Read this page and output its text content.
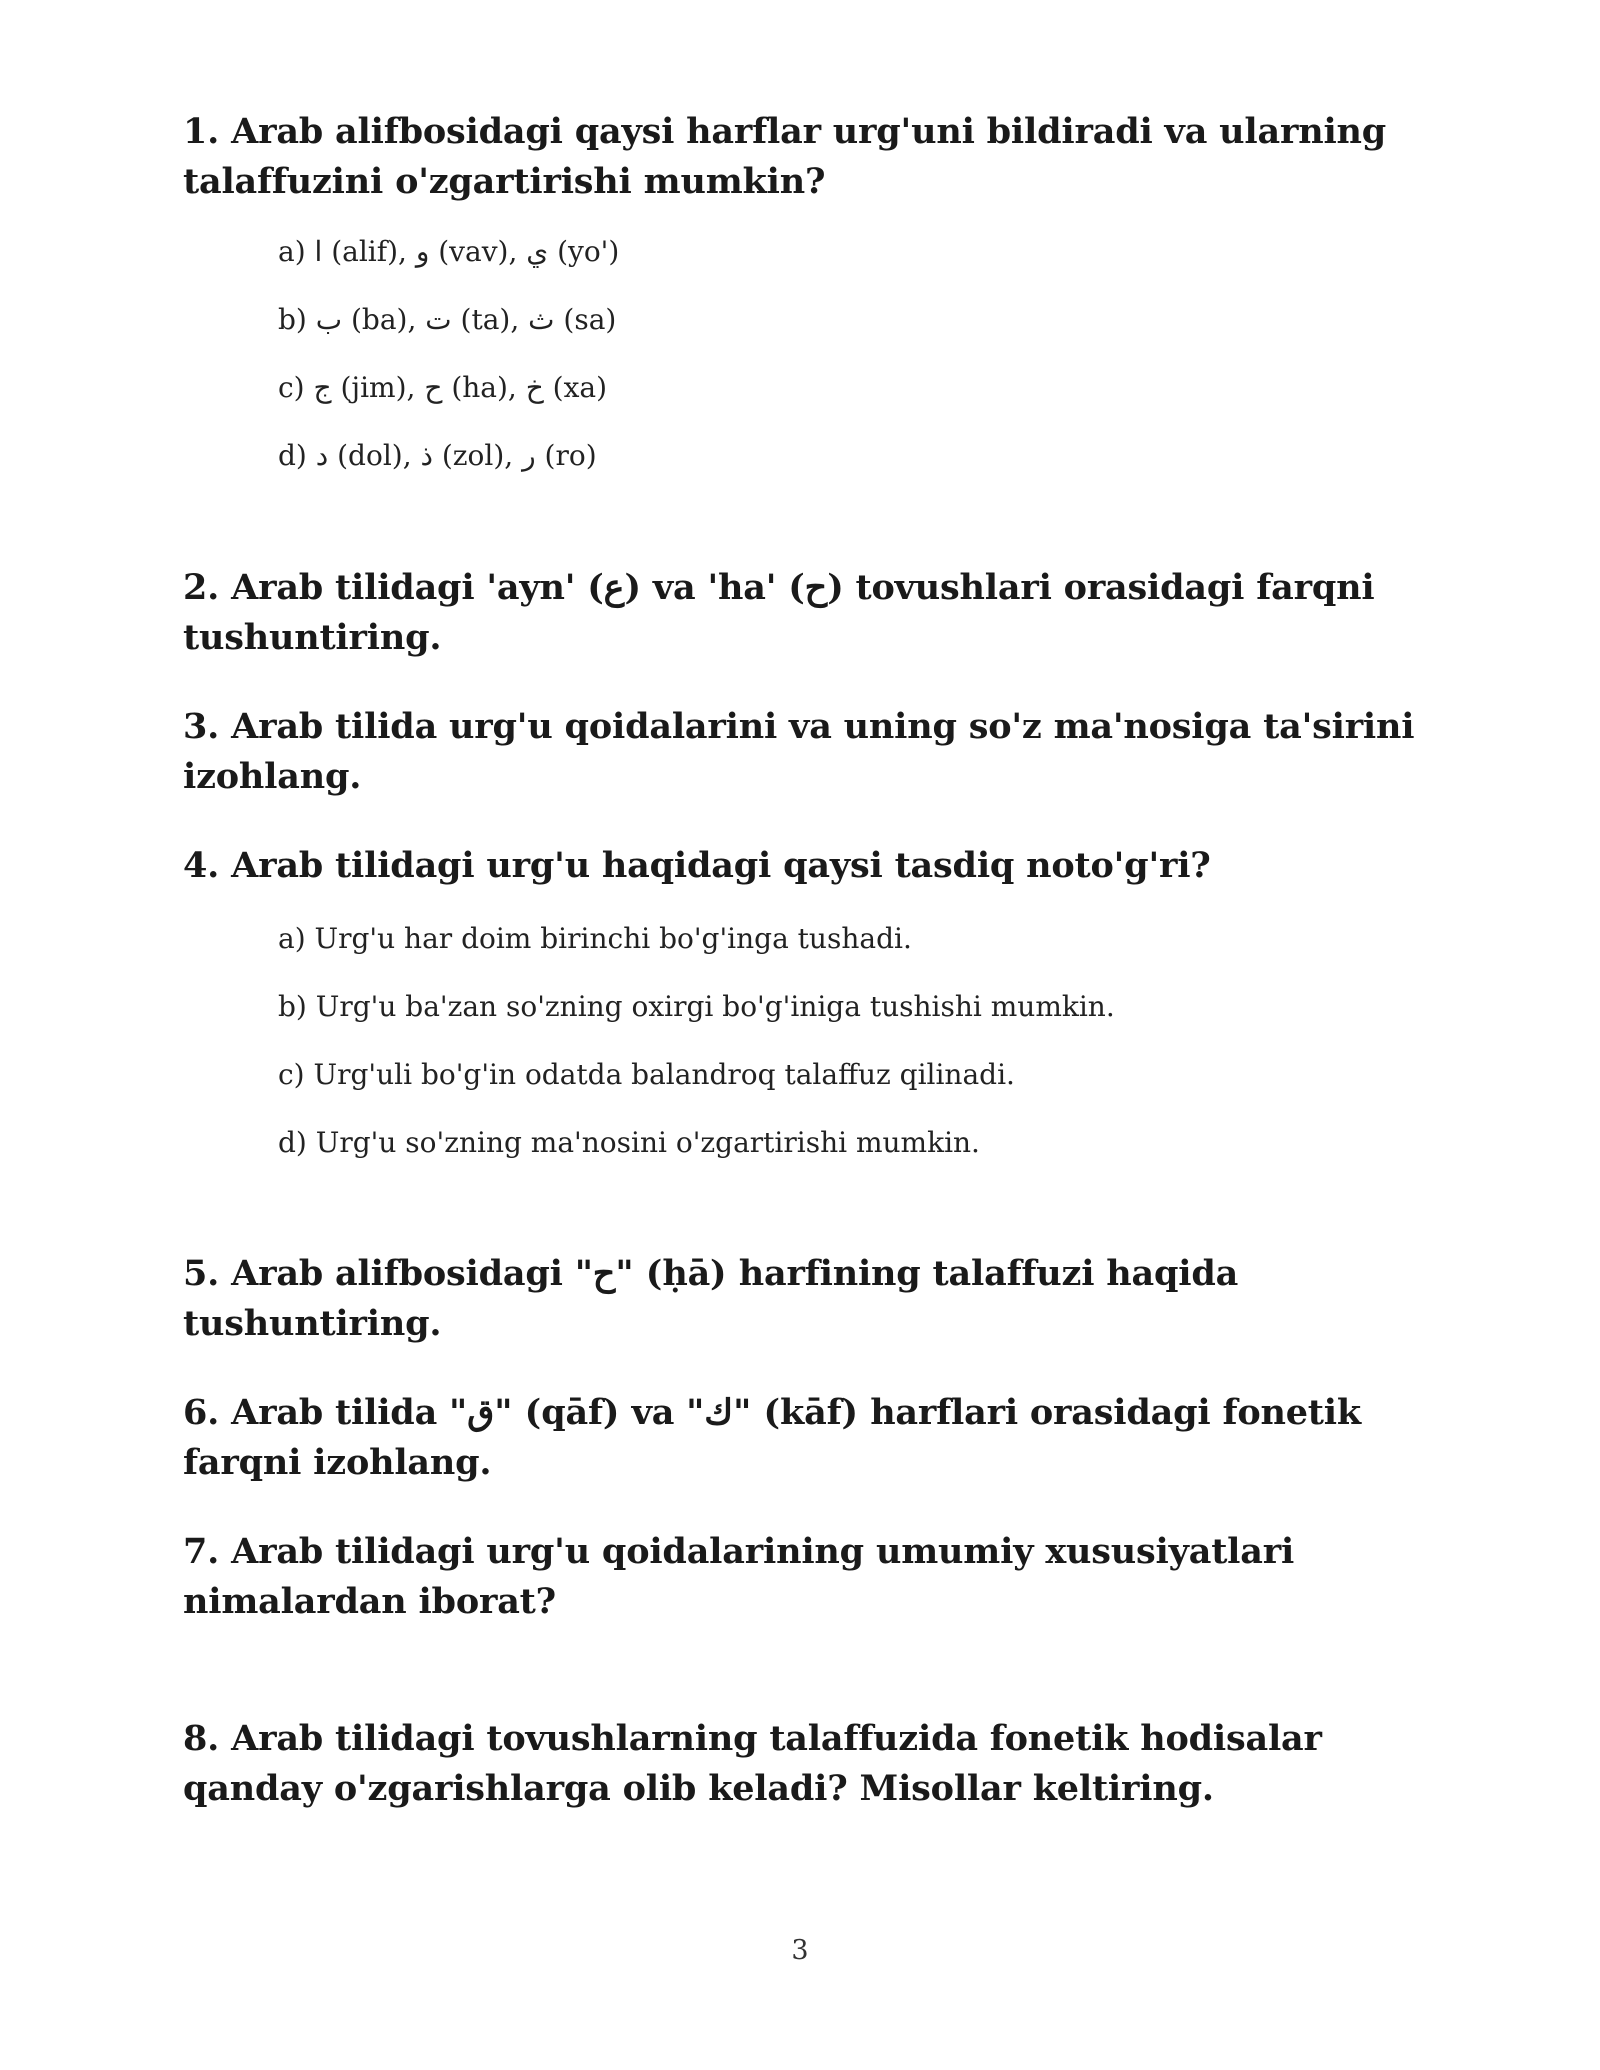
1. Arab alifbosidagi qaysi harflar urg'uni bildiradi va ularning talaffuzini o'zgartirishi mumkin?
a) ا (alif), و (vav), ي (yo')
b) ب (ba), ت (ta), ث (sa)
c) ج (jim), ح (ha), خ (xa)
d) د (dol), ذ (zol), ر (ro)
2. Arab tilidagi 'ayn' (ع) va 'ha' (ح) tovushlari orasidagi farqni tushuntiring.
3. Arab tilida urg'u qoidalarini va uning so'z ma'nosiga ta'sirini izohlang.
4. Arab tilidagi urg'u haqidagi qaysi tasdiq noto'g'ri?
a) Urg'u har doim birinchi bo'g'inga tushadi.
b) Urg'u ba'zan so'zning oxirgi bo'g'iniga tushishi mumkin.
c) Urg'uli bo'g'in odatda balandroq talaffuz qilinadi.
d) Urg'u so'zning ma'nosini o'zgartirishi mumkin.
5. Arab alifbosidagi "ح" (ḥā) harfining talaffuzi haqida tushuntiring.
6. Arab tilida "ق" (qāf) va "ك" (kāf) harflari orasidagi fonetik farqni izohlang.
7. Arab tilidagi urg'u qoidalarining umumiy xususiyatlari nimalardan iborat?
8. Arab tilidagi tovushlarning talaffuzida fonetik hodisalar qanday o'zgarishlarga olib keladi? Misollar keltiring.
3
